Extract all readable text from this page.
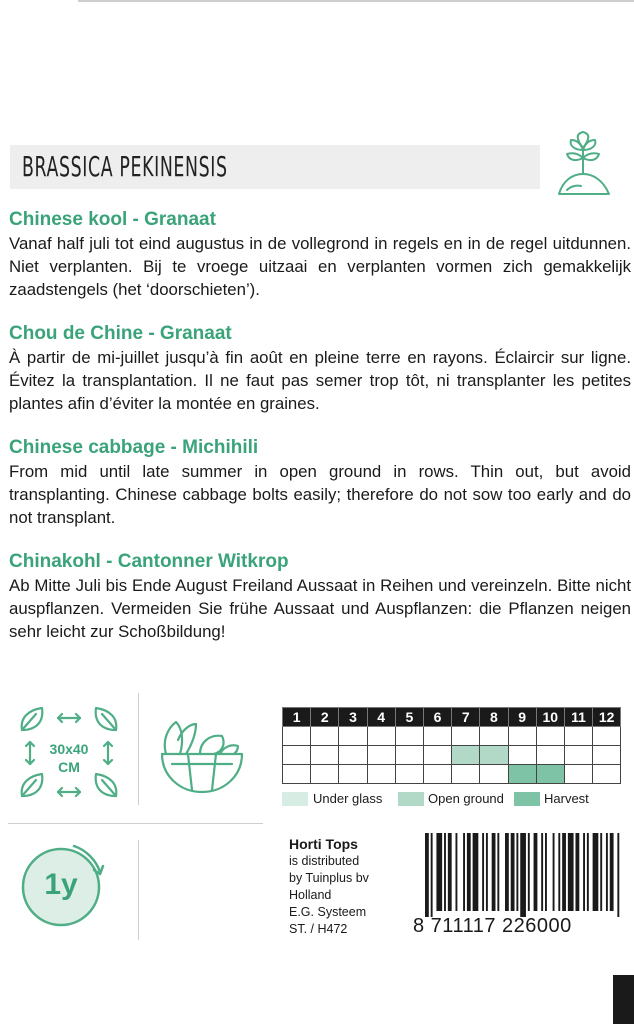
BRASSICA PEKINENSIS
Chinese kool - Granaat

Vanaf half juli tot eind augustus in de vollegrond in regels en in de regel uitdunnen. Niet verplanten. Bij te vroege uitzaai en verplanten vormen zich gemakkelijk zaadstengels (het ‘doorschieten’).

Chou de Chine - Granaat

À partir de mi-juillet jusqu’à fin août en pleine terre en rayons. Éclaircir sur ligne. Évitez la transplantation. Il ne faut pas semer trop tôt, ni transplanter les petites plantes afin d’éviter la montée en graines.

Chinese cabbage - Michihili

From mid until late summer in open ground in rows. Thin out, but avoid transplanting. Chinese cabbage bolts easily; therefore do not sow too early and do not transplant.

Chinakohl - Cantonner Witkrop

Ab Mitte Juli bis Ende August Freiland Aussaat in Reihen und vereinzeln. Bitte nicht auspflanzen. Vermeiden Sie frühe Aussaat und Auspflanzen: die Pflanzen neigen sehr leicht zur Schoßbildung!

30x40
CM
1y
1	2	3	4	5	6	7	8	9	10	11	12

Under glass	Open ground	Harvest
Horti Tops
is distributed
by Tuinplus bv
Holland
E.G. Systeem
ST. / H472	8 711117 226000
